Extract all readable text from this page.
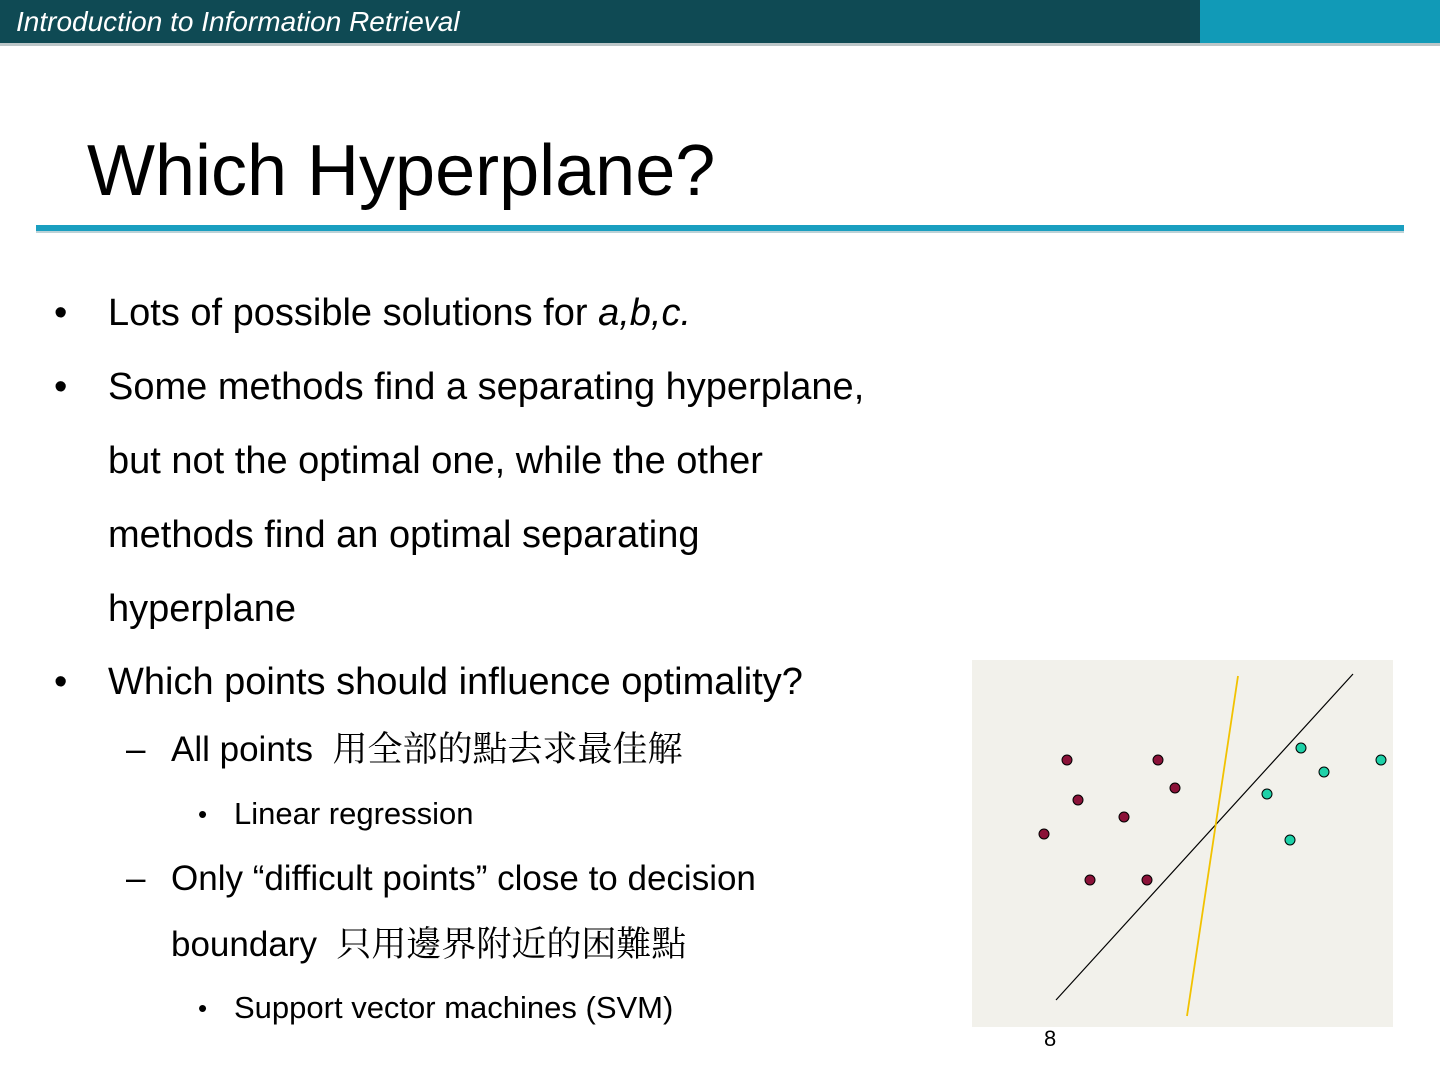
Introduction to Information Retrieval
Which Hyperplane?
• Lots of possible solutions for a,b,c.
• Some methods find a separating hyperplane,
but not the optimal one, while the other
methods find an optimal separating
hyperplane
• Which points should influence optimality?
– All points 用全部的點去求最佳解
• Linear regression
– Only “difficult points” close to decision
boundary 只用邊界附近的困難點
• Support vector machines (SVM)
8
